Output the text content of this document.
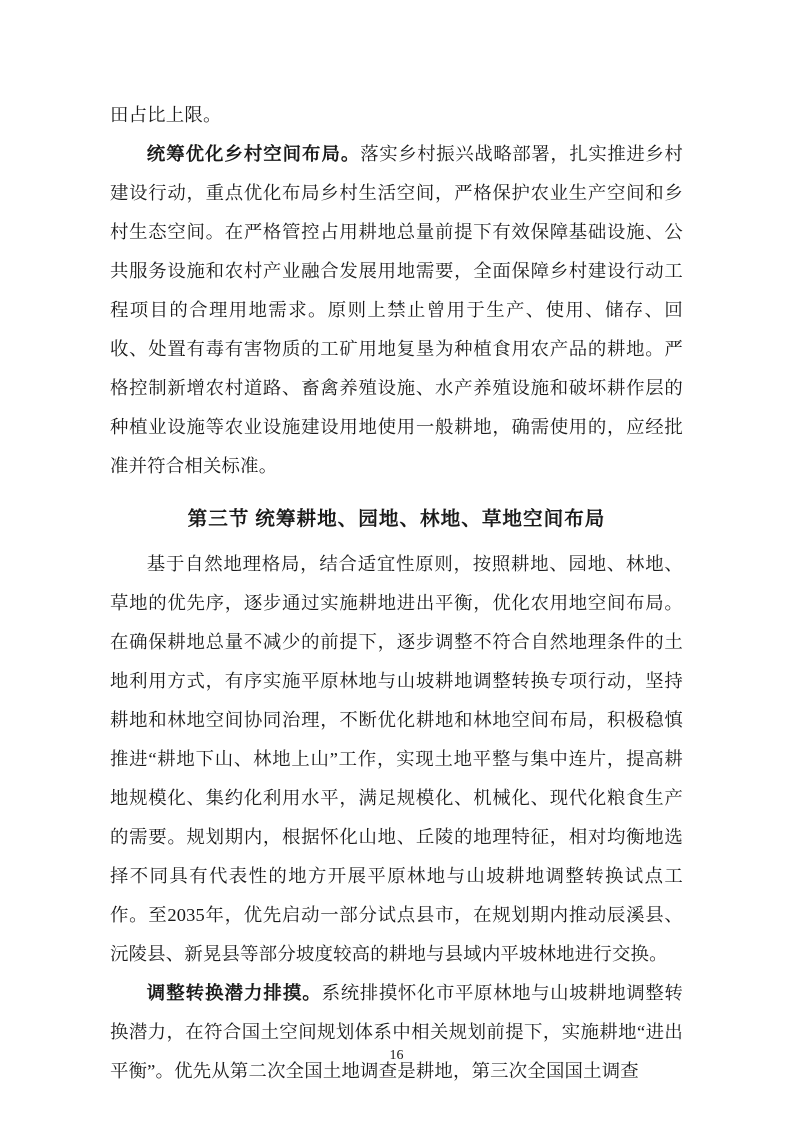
田占比上限。

统筹优化乡村空间布局。落实乡村振兴战略部署，扎实推进乡村建设行动，重点优化布局乡村生活空间，严格保护农业生产空间和乡村生态空间。在严格管控占用耕地总量前提下有效保障基础设施、公共服务设施和农村产业融合发展用地需要，全面保障乡村建设行动工程项目的合理用地需求。原则上禁止曾用于生产、使用、储存、回收、处置有毒有害物质的工矿用地复垦为种植食用农产品的耕地。严格控制新增农村道路、畜禽养殖设施、水产养殖设施和破坏耕作层的种植业设施等农业设施建设用地使用一般耕地，确需使用的，应经批准并符合相关标准。

第三节 统筹耕地、园地、林地、草地空间布局

基于自然地理格局，结合适宜性原则，按照耕地、园地、林地、草地的优先序，逐步通过实施耕地进出平衡，优化农用地空间布局。在确保耕地总量不减少的前提下，逐步调整不符合自然地理条件的土地利用方式，有序实施平原林地与山坡耕地调整转换专项行动，坚持耕地和林地空间协同治理，不断优化耕地和林地空间布局，积极稳慎推进“耕地下山、林地上山”工作，实现土地平整与集中连片，提高耕地规模化、集约化利用水平，满足规模化、机械化、现代化粮食生产的需要。规划期内，根据怀化山地、丘陵的地理特征，相对均衡地选择不同具有代表性的地方开展平原林地与山坡耕地调整转换试点工作。至2035年，优先启动一部分试点县市，在规划期内推动辰溪县、沅陵县、新晃县等部分坡度较高的耕地与县域内平坡林地进行交换。

调整转换潜力排摸。系统排摸怀化市平原林地与山坡耕地调整转换潜力，在符合国土空间规划体系中相关规划前提下，实施耕地“进出平衡”。优先从第二次全国土地调查是耕地，第三次全国国土调查

16
